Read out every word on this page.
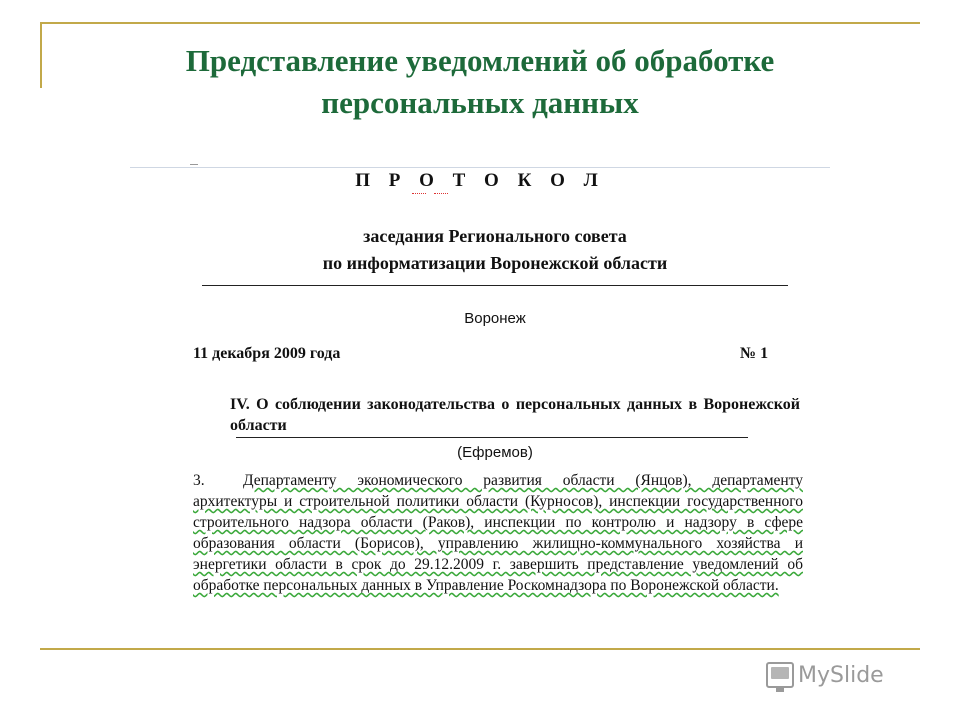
Представление уведомлений об обработке
персональных данных
П Р О Т О К О Л
заседания Регионального совета
по информатизации Воронежской области
Воронеж
11 декабря 2009 года	№ 1
IV. О соблюдении законодательства о персональных данных в Воронежской области
(Ефремов)
3. Департаменту экономического развития области (Янцов), департаменту архитектуры и строительной политики области (Курносов), инспекции государственного строительного надзора области (Раков), инспекции по контролю и надзору в сфере образования области (Борисов), управлению жилищно-коммунального хозяйства и энергетики области в срок до 29.12.2009 г. завершить представление уведомлений об обработке персональных данных в Управление Роскомнадзора по Воронежской области.
MySlide
